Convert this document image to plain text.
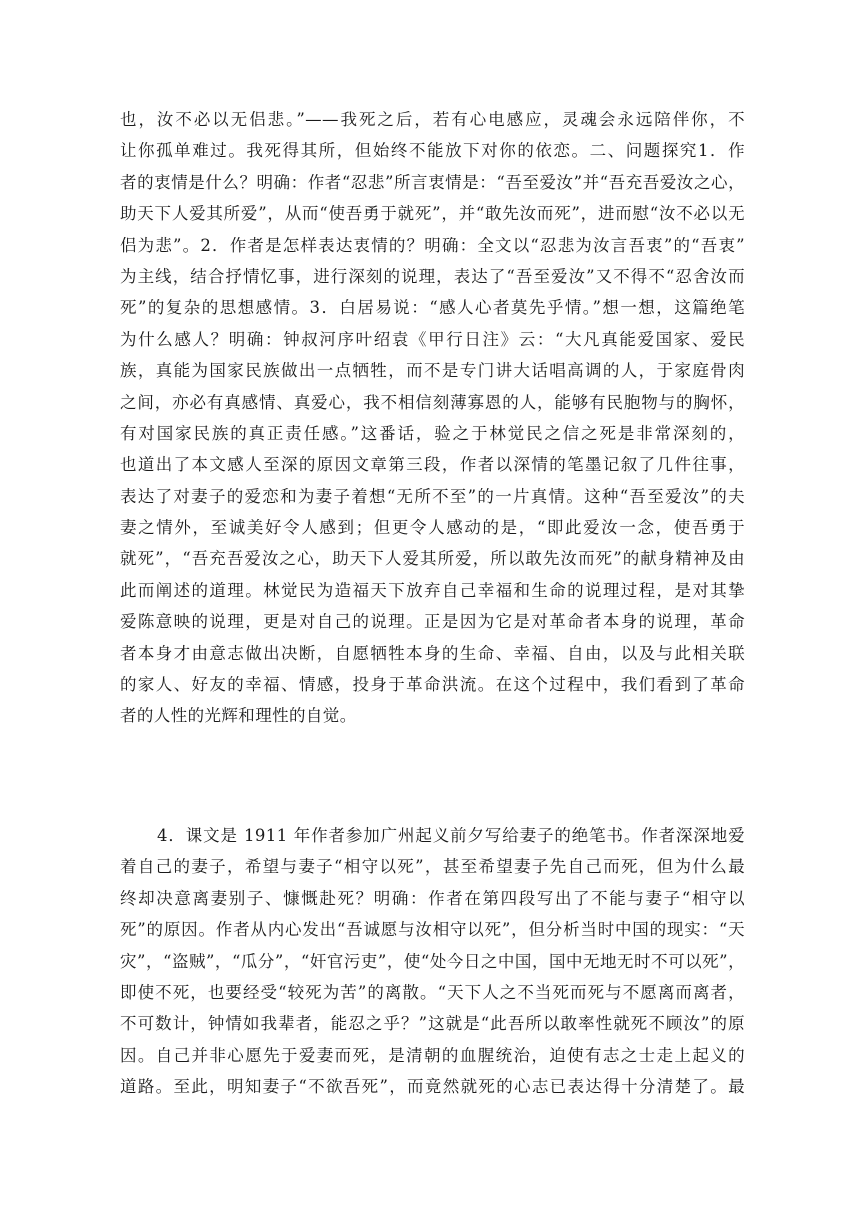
也，汝不必以无侣悲。”——我死之后，若有心电感应，灵魂会永远陪伴你，不
让你孤单难过。我死得其所，但始终不能放下对你的依恋。二、问题探究1．作
者的衷情是什么？明确：作者“忍悲”所言衷情是：“吾至爱汝”并“吾充吾爱汝之心，
助天下人爱其所爱”，从而“使吾勇于就死”，并“敢先汝而死”，进而慰“汝不必以无
侣为悲”。2．作者是怎样表达衷情的？明确：全文以“忍悲为汝言吾衷”的“吾衷”
为主线，结合抒情忆事，进行深刻的说理，表达了“吾至爱汝”又不得不“忍舍汝而
死”的复杂的思想感情。3．白居易说：“感人心者莫先乎情。”想一想，这篇绝笔
为什么感人？明确：钟叔河序叶绍袁《甲行日注》云：“大凡真能爱国家、爱民
族，真能为国家民族做出一点牺牲，而不是专门讲大话唱高调的人，于家庭骨肉
之间，亦必有真感情、真爱心，我不相信刻薄寡恩的人，能够有民胞物与的胸怀，
有对国家民族的真正责任感。”这番话，验之于林觉民之信之死是非常深刻的，
也道出了本文感人至深的原因文章第三段，作者以深情的笔墨记叙了几件往事，
表达了对妻子的爱恋和为妻子着想“无所不至”的一片真情。这种“吾至爱汝”的夫
妻之情外，至诚美好令人感到；但更令人感动的是，“即此爱汝一念，使吾勇于
就死”，“吾充吾爱汝之心，助天下人爱其所爱，所以敢先汝而死”的献身精神及由
此而阐述的道理。林觉民为造福天下放弃自己幸福和生命的说理过程，是对其挚
爱陈意映的说理，更是对自己的说理。正是因为它是对革命者本身的说理，革命
者本身才由意志做出决断，自愿牺牲本身的生命、幸福、自由，以及与此相关联
的家人、好友的幸福、情感，投身于革命洪流。在这个过程中，我们看到了革命
者的人性的光辉和理性的自觉。
4．课文是 1911 年作者参加广州起义前夕写给妻子的绝笔书。作者深深地爱
着自己的妻子，希望与妻子“相守以死”，甚至希望妻子先自己而死，但为什么最
终却决意离妻别子、慷慨赴死？明确：作者在第四段写出了不能与妻子“相守以
死”的原因。作者从内心发出“吾诚愿与汝相守以死”，但分析当时中国的现实：“天
灾”，“盗贼”，“瓜分”，“奸官污吏”，使“处今日之中国，国中无地无时不可以死”，
即使不死，也要经受“较死为苦”的离散。“天下人之不当死而死与不愿离而离者，
不可数计，钟情如我辈者，能忍之乎？”这就是“此吾所以敢率性就死不顾汝”的原
因。自己并非心愿先于爱妻而死，是清朝的血腥统治，迫使有志之士走上起义的
道路。至此，明知妻子“不欲吾死”，而竟然就死的心志已表达得十分清楚了。最
